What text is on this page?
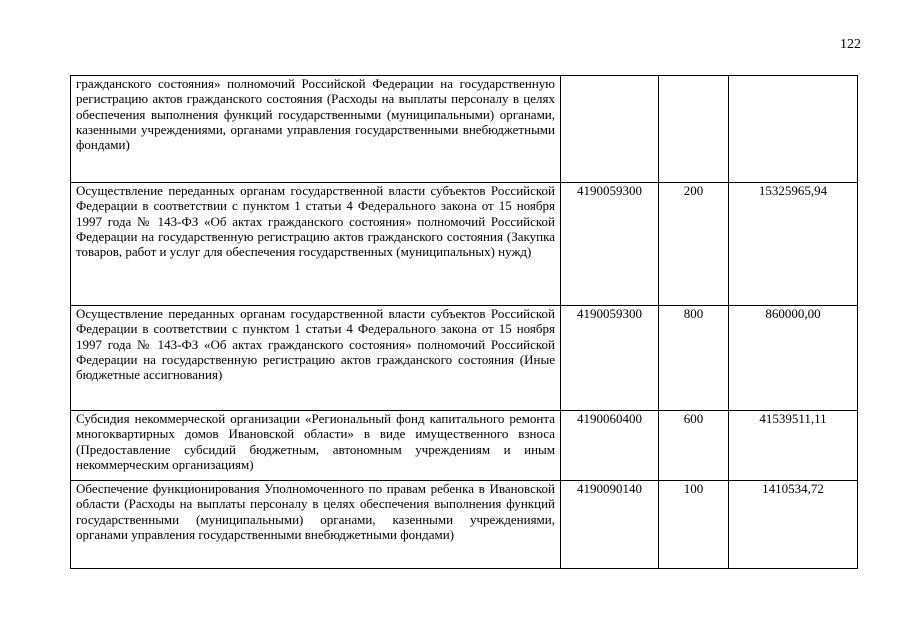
122
гражданского состояния» полномочий Российской Федерации на государственную регистрацию актов гражданского состояния (Расходы на выплаты персоналу в целях обеспечения выполнения функций государственными (муниципальными) органами, казенными учреждениями, органами управления государственными внебюджетными фондами)			
Осуществление переданных органам государственной власти субъектов Российской Федерации в соответствии с пунктом 1 статьи 4 Федерального закона от 15 ноября 1997 года № 143-ФЗ «Об актах гражданского состояния» полномочий Российской Федерации на государственную регистрацию актов гражданского состояния (Закупка товаров, работ и услуг для обеспечения государственных (муниципальных) нужд)	4190059300	200	15325965,94
Осуществление переданных органам государственной власти субъектов Российской Федерации в соответствии с пунктом 1 статьи 4 Федерального закона от 15 ноября 1997 года № 143-ФЗ «Об актах гражданского состояния» полномочий Российской Федерации на государственную регистрацию актов гражданского состояния (Иные бюджетные ассигнования)	4190059300	800	860000,00
Субсидия некоммерческой организации «Региональный фонд капитального ремонта многоквартирных домов Ивановской области» в виде имущественного взноса (Предоставление субсидий бюджетным, автономным учреждениям и иным некоммерческим организациям)	4190060400	600	41539511,11
Обеспечение функционирования Уполномоченного по правам ребенка в Ивановской области (Расходы на выплаты персоналу в целях обеспечения выполнения функций государственными (муниципальными) органами, казенными учреждениями, органами управления государственными внебюджетными фондами)	4190090140	100	1410534,72
